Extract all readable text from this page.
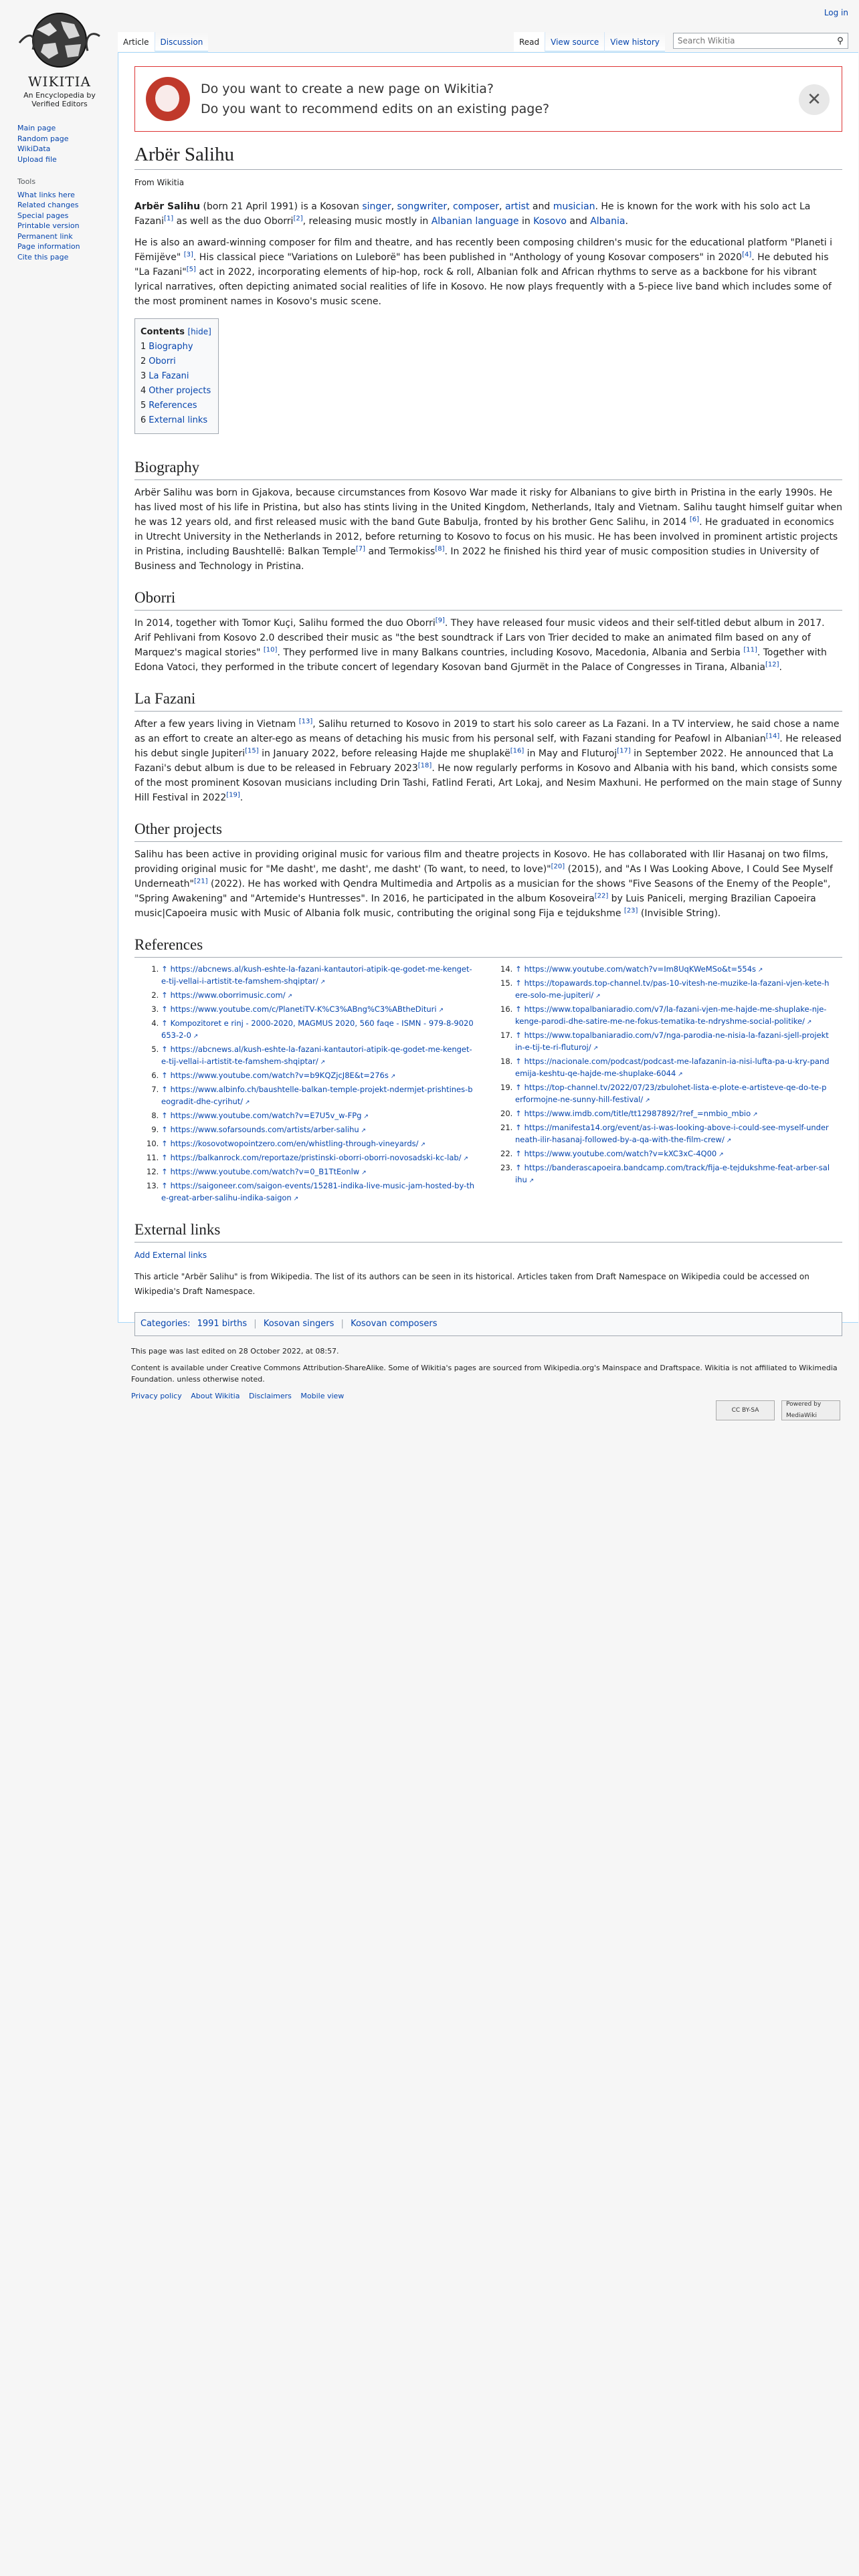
Log in
WIKITIA
An Encyclopedia by Verified Editors
Article	Discussion	Read	View source	View history
Search Wikitia	⚲
Main page
Random page
WikiData
Upload file
Tools
What links here
Related changes
Special pages
Printable version
Permanent link
Page information
Cite this page
Do you want to create a new page on Wikitia?
Do you want to recommend edits on an existing page?	✕
Arbër Salihu
From Wikitia

Arbër Salihu (born 21 April 1991) is a Kosovan singer, songwriter, composer, artist and musician. He is known for the work with his solo act La Fazani[1] as well as the duo Oborri[2], releasing music mostly in Albanian language in Kosovo and Albania.

He is also an award-winning composer for film and theatre, and has recently been composing children's music for the educational platform "Planeti i Fëmijëve" [3]. His classical piece "Variations on Luleborë" has been published in "Anthology of young Kosovar composers" in 2020[4]. He debuted his "La Fazani"[5] act in 2022, incorporating elements of hip-hop, rock & roll, Albanian folk and African rhythms to serve as a backbone for his vibrant lyrical narratives, often depicting animated social realities of life in Kosovo. He now plays frequently with a 5-piece live band which includes some of the most prominent names in Kosovo's music scene.

Contents [hide]
1 Biography
2 Oborri
3 La Fazani
4 Other projects
5 References
6 External links
Biography

Arbër Salihu was born in Gjakova, because circumstances from Kosovo War made it risky for Albanians to give birth in Pristina in the early 1990s. He has lived most of his life in Pristina, but also has stints living in the United Kingdom, Netherlands, Italy and Vietnam. Salihu taught himself guitar when he was 12 years old, and first released music with the band Gute Babulja, fronted by his brother Genc Salihu, in 2014 [6]. He graduated in economics in Utrecht University in the Netherlands in 2012, before returning to Kosovo to focus on his music. He has been involved in prominent artistic projects in Pristina, including Baushtellë: Balkan Temple[7] and Termokiss[8]. In 2022 he finished his third year of music composition studies in University of Business and Technology in Pristina.

Oborri

In 2014, together with Tomor Kuçi, Salihu formed the duo Oborri[9]. They have released four music videos and their self-titled debut album in 2017. Arif Pehlivani from Kosovo 2.0 described their music as "the best soundtrack if Lars von Trier decided to make an animated film based on any of Marquez's magical stories" [10]. They performed live in many Balkans countries, including Kosovo, Macedonia, Albania and Serbia [11]. Together with Edona Vatoci, they performed in the tribute concert of legendary Kosovan band Gjurmët in the Palace of Congresses in Tirana, Albania[12].

La Fazani

After a few years living in Vietnam [13], Salihu returned to Kosovo in 2019 to start his solo career as La Fazani. In a TV interview, he said chose a name as an effort to create an alter-ego as means of detaching his music from his personal self, with Fazani standing for Peafowl in Albanian[14]. He released his debut single Jupiteri[15] in January 2022, before releasing Hajde me shuplakë[16] in May and Fluturoj[17] in September 2022. He announced that La Fazani's debut album is due to be released in February 2023[18]. He now regularly performs in Kosovo and Albania with his band, which consists some of the most prominent Kosovan musicians including Drin Tashi, Fatlind Ferati, Art Lokaj, and Nesim Maxhuni. He performed on the main stage of Sunny Hill Festival in 2022[19].

Other projects

Salihu has been active in providing original music for various film and theatre projects in Kosovo. He has collaborated with Ilir Hasanaj on two films, providing original music for "Me dasht', me dasht', me dasht' (To want, to need, to love)"[20] (2015), and "As I Was Looking Above, I Could See Myself Underneath"[21] (2022). He has worked with Qendra Multimedia and Artpolis as a musician for the shows "Five Seasons of the Enemy of the People", "Spring Awakening" and "Artemide's Huntresses". In 2016, he participated in the album Kosoveira[22] by Luis Paniceli, merging Brazilian Capoeira music|Capoeira music with Music of Albania folk music, contributing the original song Fija e tejdukshme [23] (Invisible String).

References
1. ↑ https://abcnews.al/kush-eshte-la-fazani-kantautori-atipik-qe-godet-me-kenget-e-tij-vellai-i-artistit-te-famshem-shqiptar/ ↗
2. ↑ https://www.oborrimusic.com/ ↗
3. ↑ https://www.youtube.com/c/PlanetiTV-K%C3%ABng%C3%ABtheDituri ↗
4. ↑ Kompozitoret e rinj - 2000-2020, MAGMUS 2020, 560 faqe - ISMN - 979-8-9020653-2-0 ↗
5. ↑ https://abcnews.al/kush-eshte-la-fazani-kantautori-atipik-qe-godet-me-kenget-e-tij-vellai-i-artistit-te-famshem-shqiptar/ ↗
6. ↑ https://www.youtube.com/watch?v=b9KQZjcJ8E&t=276s ↗
7. ↑ https://www.albinfo.ch/baushtelle-balkan-temple-projekt-ndermjet-prishtines-beogradit-dhe-cyrihut/ ↗
8. ↑ https://www.youtube.com/watch?v=E7U5v_w-FPg ↗
9. ↑ https://www.sofarsounds.com/artists/arber-salihu ↗
10. ↑ https://kosovotwopointzero.com/en/whistling-through-vineyards/ ↗
11. ↑ https://balkanrock.com/reportaze/pristinski-oborri-oborri-novosadski-kc-lab/ ↗
12. ↑ https://www.youtube.com/watch?v=0_B1TtEonlw ↗
13. ↑ https://saigoneer.com/saigon-events/15281-indika-live-music-jam-hosted-by-the-great-arber-salihu-indika-saigon ↗
14. ↑ https://www.youtube.com/watch?v=Im8UqKWeMSo&t=554s ↗
15. ↑ https://topawards.top-channel.tv/pas-10-vitesh-ne-muzike-la-fazani-vjen-kete-here-solo-me-jupiteri/ ↗
16. ↑ https://www.topalbaniaradio.com/v7/la-fazani-vjen-me-hajde-me-shuplake-nje-kenge-parodi-dhe-satire-me-ne-fokus-tematika-te-ndryshme-social-politike/ ↗
17. ↑ https://www.topalbaniaradio.com/v7/nga-parodia-ne-nisia-la-fazani-sjell-projektin-e-tij-te-ri-fluturoj/ ↗
18. ↑ https://nacionale.com/podcast/podcast-me-lafazanin-ia-nisi-lufta-pa-u-kry-pandemija-keshtu-qe-hajde-me-shuplake-6044 ↗
19. ↑ https://top-channel.tv/2022/07/23/zbulohet-lista-e-plote-e-artisteve-qe-do-te-performojne-ne-sunny-hill-festival/ ↗
20. ↑ https://www.imdb.com/title/tt12987892/?ref_=nmbio_mbio ↗
21. ↑ https://manifesta14.org/event/as-i-was-looking-above-i-could-see-myself-underneath-ilir-hasanaj-followed-by-a-qa-with-the-film-crew/ ↗
22. ↑ https://www.youtube.com/watch?v=kXC3xC-4Q00 ↗
23. ↑ https://banderascapoeira.bandcamp.com/track/fija-e-tejdukshme-feat-arber-salihu ↗
External links

Add External links

This article "Arbër Salihu" is from Wikipedia. The list of its authors can be seen in its historical. Articles taken from Draft Namespace on Wikipedia could be accessed on Wikipedia's Draft Namespace.

Categories: 1991 births | Kosovan singers | Kosovan composers

This page was last edited on 28 October 2022, at 08:57.

Content is available under Creative Commons Attribution-ShareAlike. Some of Wikitia's pages are sourced from Wikipedia.org's Mainspace and Draftspace. Wikitia is not affiliated to Wikimedia Foundation. unless otherwise noted.

Privacy policy About Wikitia Disclaimers Mobile view
CC BY-SA
Powered by MediaWiki
